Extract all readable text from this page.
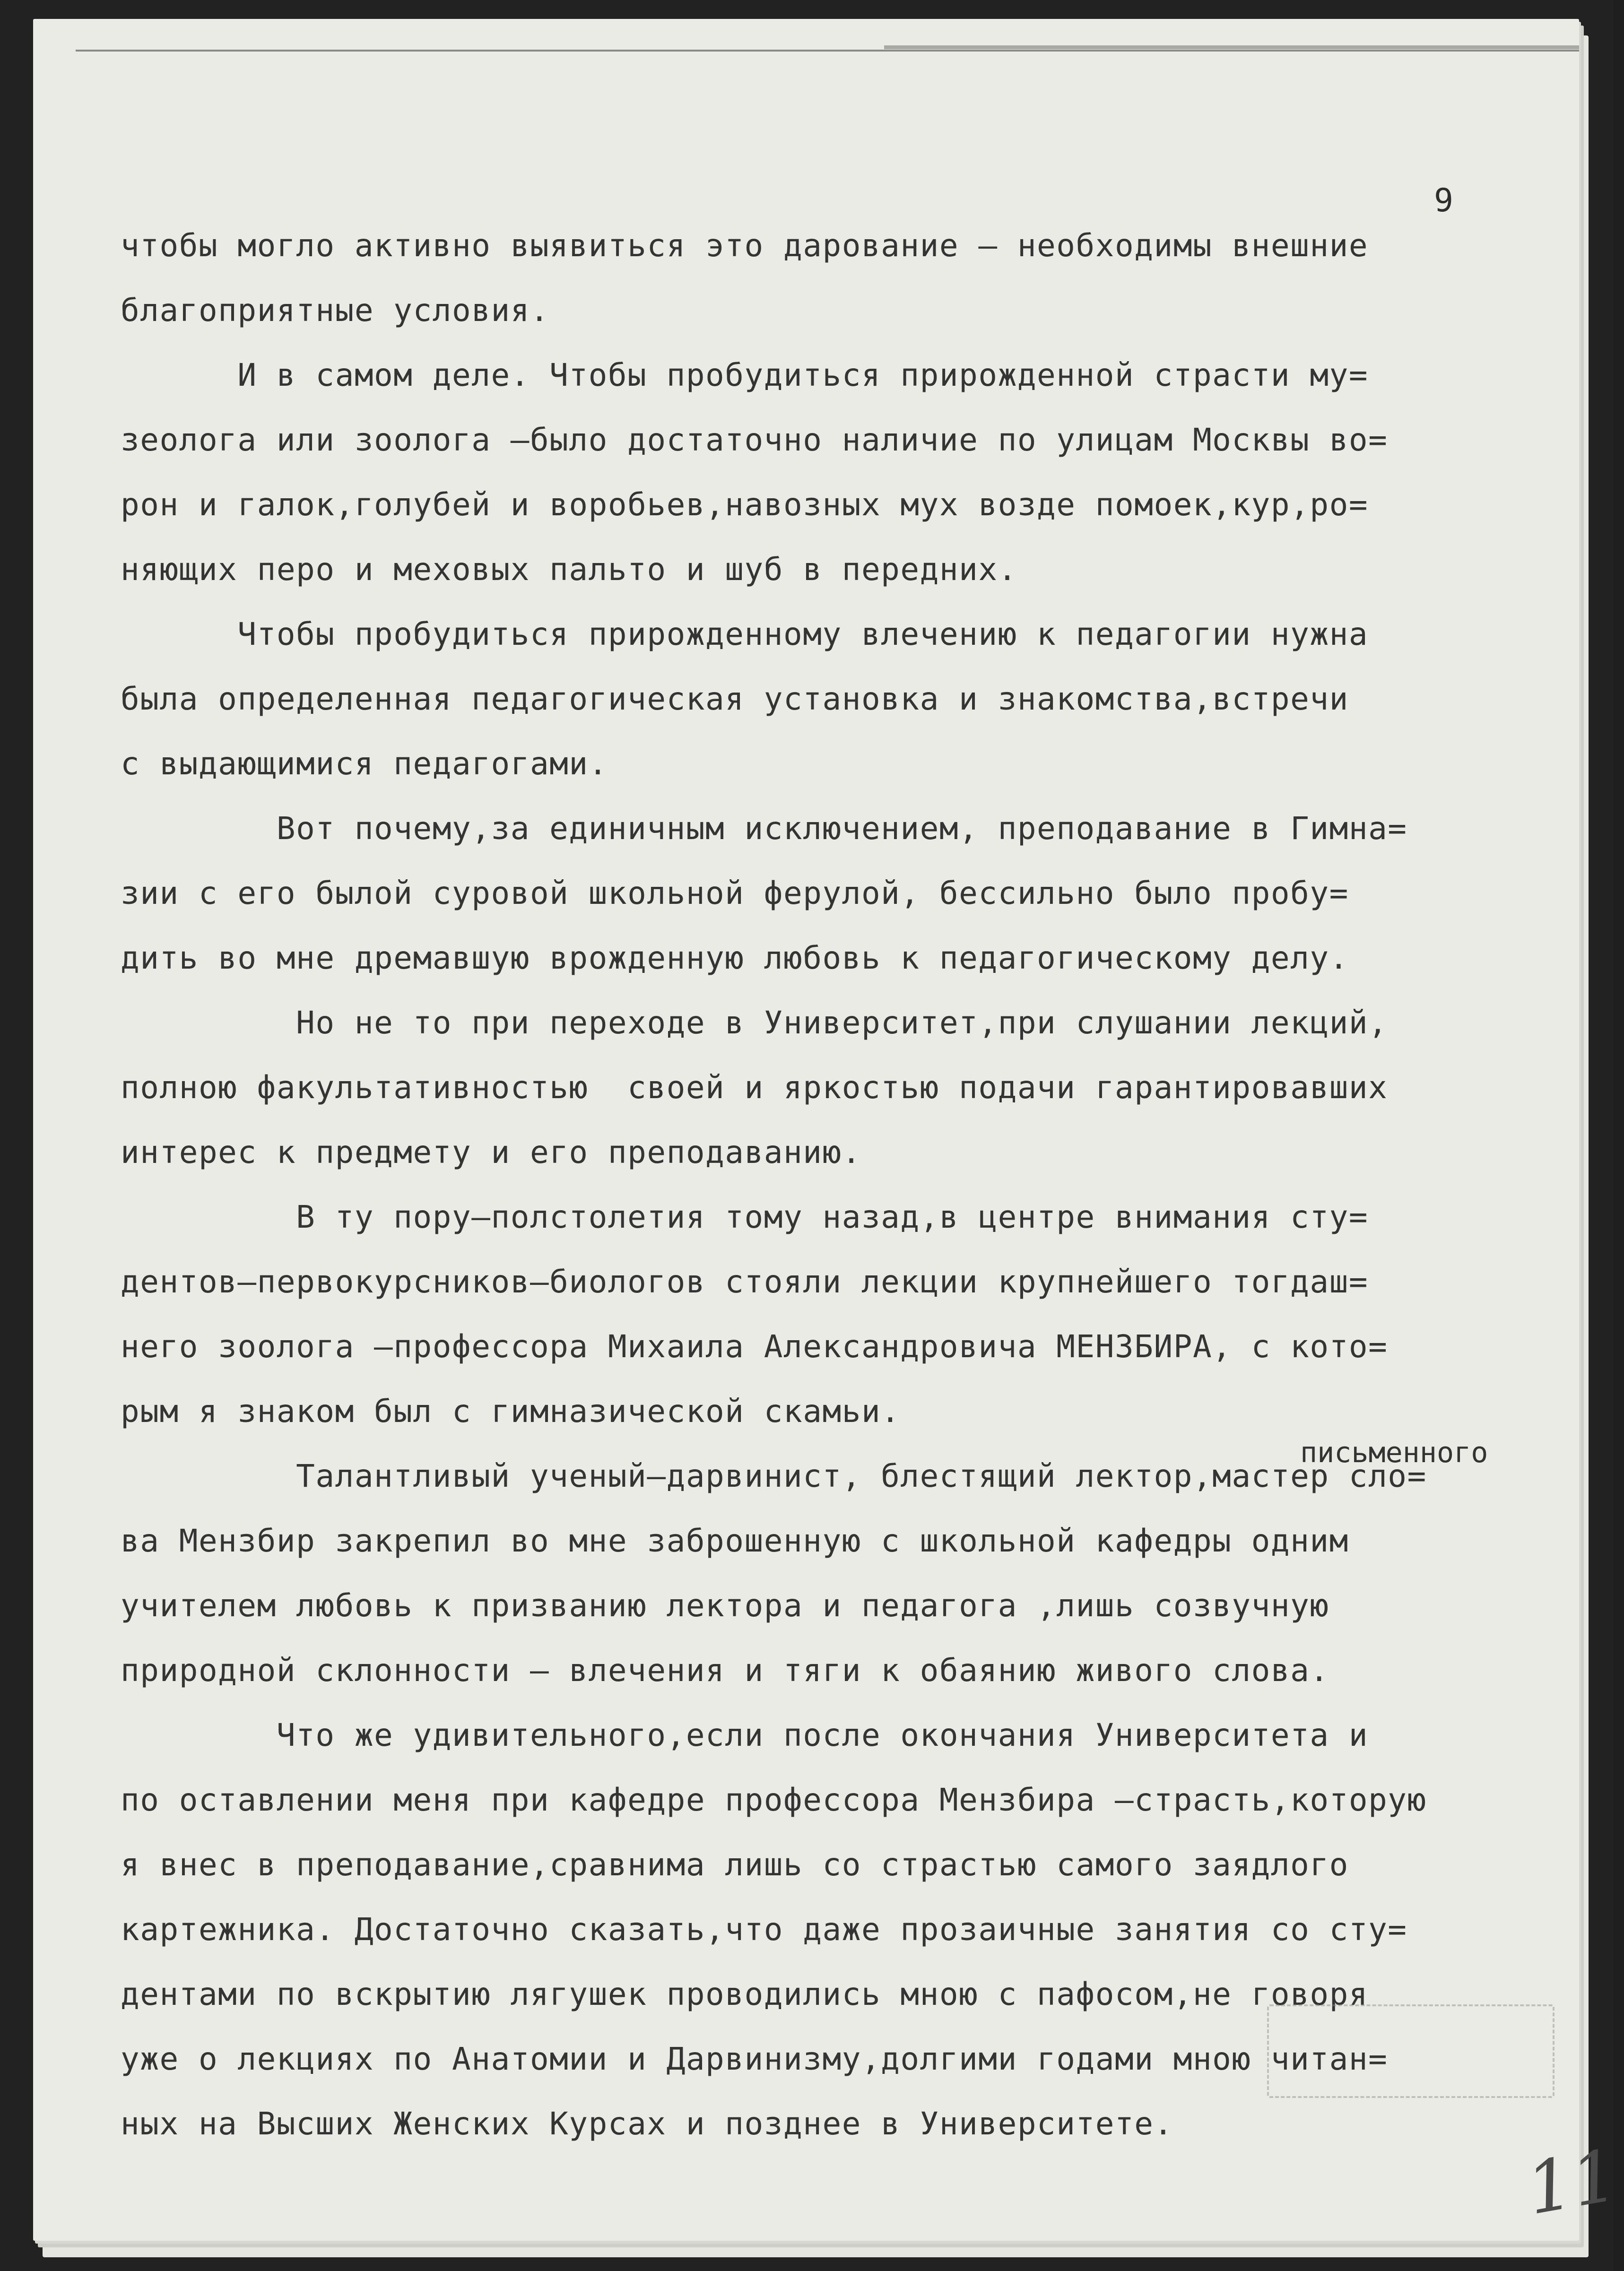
9
чтобы могло активно выявиться это дарование – необходимы внешние
благоприятные условия.
И в самом деле. Чтобы пробудиться прирожденной страсти му=
зеолога или зоолога –было достаточно наличие по улицам Москвы во=
рон и галок,голубей и воробьев,навозных мух возде помоек,кур,ро=
няющих перо и меховых пальто и шуб в передних.
Чтобы пробудиться прирожденному влечению к педагогии нужна
была определенная педагогическая установка и знакомства,встречи
с выдающимися педагогами.
Вот почему,за единичным исключением, преподавание в Гимна=
зии с его былой суровой школьной ферулой, бессильно было пробу=
дить во мне дремавшую врожденную любовь к педагогическому делу.
Но не то при переходе в Университет,при слушании лекций,
полною факультативностью  своей и яркостью подачи гарантировавших
интерес к предмету и его преподаванию.
В ту пору–полстолетия тому назад,в центре внимания сту=
дентов–первокурсников–биологов стояли лекции крупнейшего тогдаш=
него зоолога –профессора Михаила Александровича МЕНЗБИРА, с кото=
рым я знаком был с гимназической скамьи.
Талантливый ученый–дарвинист, блестящий лектор,мастер сло=
ва Мензбир закрепил во мне заброшенную с школьной кафедры одним
учителем любовь к призванию лектора и педагога ,лишь созвучную
природной склонности – влечения и тяги к обаянию живого слова.
Что же удивительного,если после окончания Университета и
по оставлении меня при кафедре профессора Мензбира –страсть,которую
я внес в преподавание,сравнима лишь со страстью самого заядлого
картежника. Достаточно сказать,что даже прозаичные занятия со сту=
дентами по вскрытию лягушек проводились мною с пафосом,не говоря
уже о лекциях по Анатомии и Дарвинизму,долгими годами мною читан=
ных на Высших Женских Курсах и позднее в Университете.
письменного
11
